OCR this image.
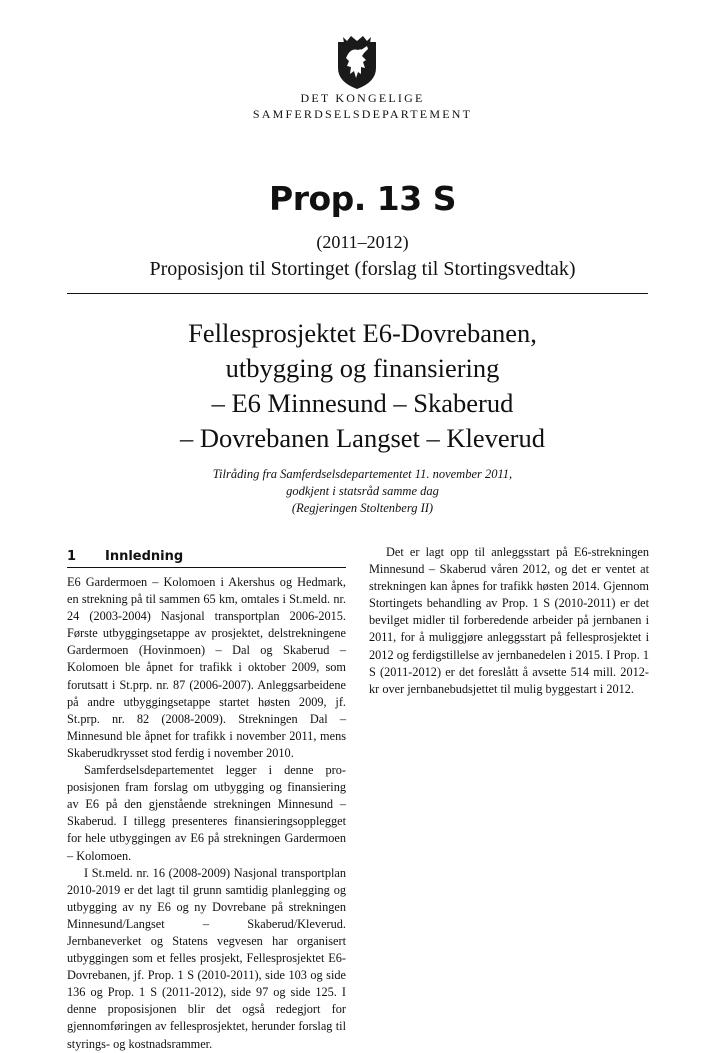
DET KONGELIGE
SAMFERDSELSDEPARTEMENT
Prop. 13 S
(2011–2012)
Proposisjon til Stortinget (forslag til Stortingsvedtak)
Fellesprosjektet E6-Dovrebanen,
utbygging og finansiering
– E6 Minnesund – Skaberud
– Dovrebanen Langset – Kleverud
Tilråding fra Samferdselsdepartementet 11. november 2011,
godkjent i statsråd samme dag
(Regjeringen Stoltenberg II)
1 Innledning

E6 Gardermoen – Kolomoen i Akershus og Hedmark, en strekning på til sammen 65 km, omtales i St.meld. nr. 24 (2003-2004) Nasjonal transportplan 2006-2015. Første utbyggingsetappe av prosjektet, delstrekningene Gardermoen (Hovinmoen) – Dal og Skaberud – Kolomoen ble åpnet for trafikk i oktober 2009, som forutsatt i St.prp. nr. 87 (2006-2007). Anleggsarbeidene på andre utbyggingsetappe startet høsten 2009, jf. St.prp. nr. 82 (2008-2009). Strekningen Dal – Minnesund ble åpnet for trafikk i november 2011, mens Skaberudkrysset stod ferdig i november 2010.

Samferdselsdepartementet legger i denne proposisjonen fram forslag om utbygging og finansiering av E6 på den gjenstående strekningen Minnesund – Skaberud. I tillegg presenteres finansieringsopplegget for hele utbyggingen av E6 på strekningen Gardermoen – Kolomoen.

I St.meld. nr. 16 (2008-2009) Nasjonal transportplan 2010-2019 er det lagt til grunn samtidig planlegging og utbygging av ny E6 og ny Dovrebane på strekningen Minnesund/Langset – Skaberud/Kleverud. Jernbaneverket og Statens vegvesen har organisert utbyggingen som et felles prosjekt, Fellesprosjektet E6-Dovrebanen, jf. Prop. 1 S (2010-2011), side 103 og side 136 og Prop. 1 S (2011-2012), side 97 og side 125. I denne proposisjonen blir det også redegjort for gjennomføringen av fellesprosjektet, herunder forslag til styrings- og kostnadsrammer.

Det er lagt opp til anleggsstart på E6-strekningen Minnesund – Skaberud våren 2012, og det er ventet at strekningen kan åpnes for trafikk høsten 2014. Gjennom Stortingets behandling av Prop. 1 S (2010-2011) er det bevilget midler til forberedende arbeider på jernbanen i 2011, for å muliggjøre anleggsstart på fellesprosjektet i 2012 og ferdigstillelse av jernbanedelen i 2015. I Prop. 1 S (2011-2012) er det foreslått å avsette 514 mill. 2012- kr over jernbanebudsjettet til mulig byggestart i 2012.
